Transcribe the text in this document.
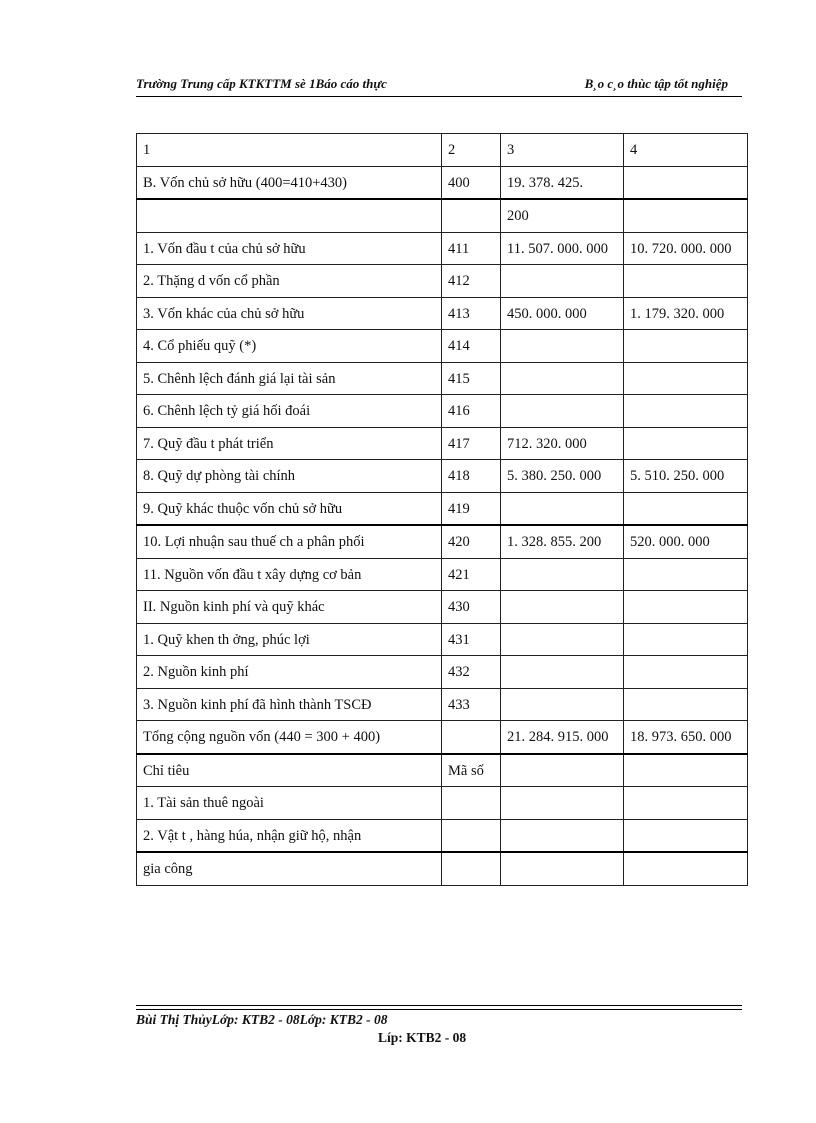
Trường Trung cấp KTKTTM sè 1Báo cáo thực	B¸o c¸o thùc tập tốt nghiệp
1	2	3	4
B. Vốn chủ sở hữu (400=410+430)	400	19. 378. 425.	
		200	
1. Vốn đầu t của chủ sở hữu	411	11. 507. 000. 000	10. 720. 000. 000
2. Thặng d vốn cổ phần	412		
3. Vốn khác của chủ sở hữu	413	450. 000. 000	1. 179. 320. 000
4. Cổ phiếu quỹ (*)	414		
5. Chênh lệch đánh giá lại tài sản	415		
6. Chênh lệch tỷ giá hối đoái	416		
7. Quỹ đầu t phát triển	417	712. 320. 000	
8. Quỹ dự phòng tài chính	418	5. 380. 250. 000	5. 510. 250. 000
9. Quỹ khác thuộc vốn chủ sở hữu	419		
10. Lợi nhuận sau thuế ch a phân phối	420	1. 328. 855. 200	520. 000. 000
11. Nguồn vốn đầu t xây dựng cơ bản	421		
II. Nguồn kinh phí và quỹ khác	430		
1. Quỹ khen th ởng, phúc lợi	431		
2. Nguồn kinh phí	432		
3. Nguồn kinh phí đã hình thành TSCĐ	433		
Tổng cộng nguồn vốn (440 = 300 + 400)		21. 284. 915. 000	18. 973. 650. 000
Chỉ tiêu	Mã số		
1. Tài sản thuê ngoài			
2. Vật t , hàng húa, nhận giữ hộ, nhận			
gia công			
Bùi Thị ThủyLớp: KTB2 - 08Lớp: KTB2 - 08
Líp: KTB2 - 08
